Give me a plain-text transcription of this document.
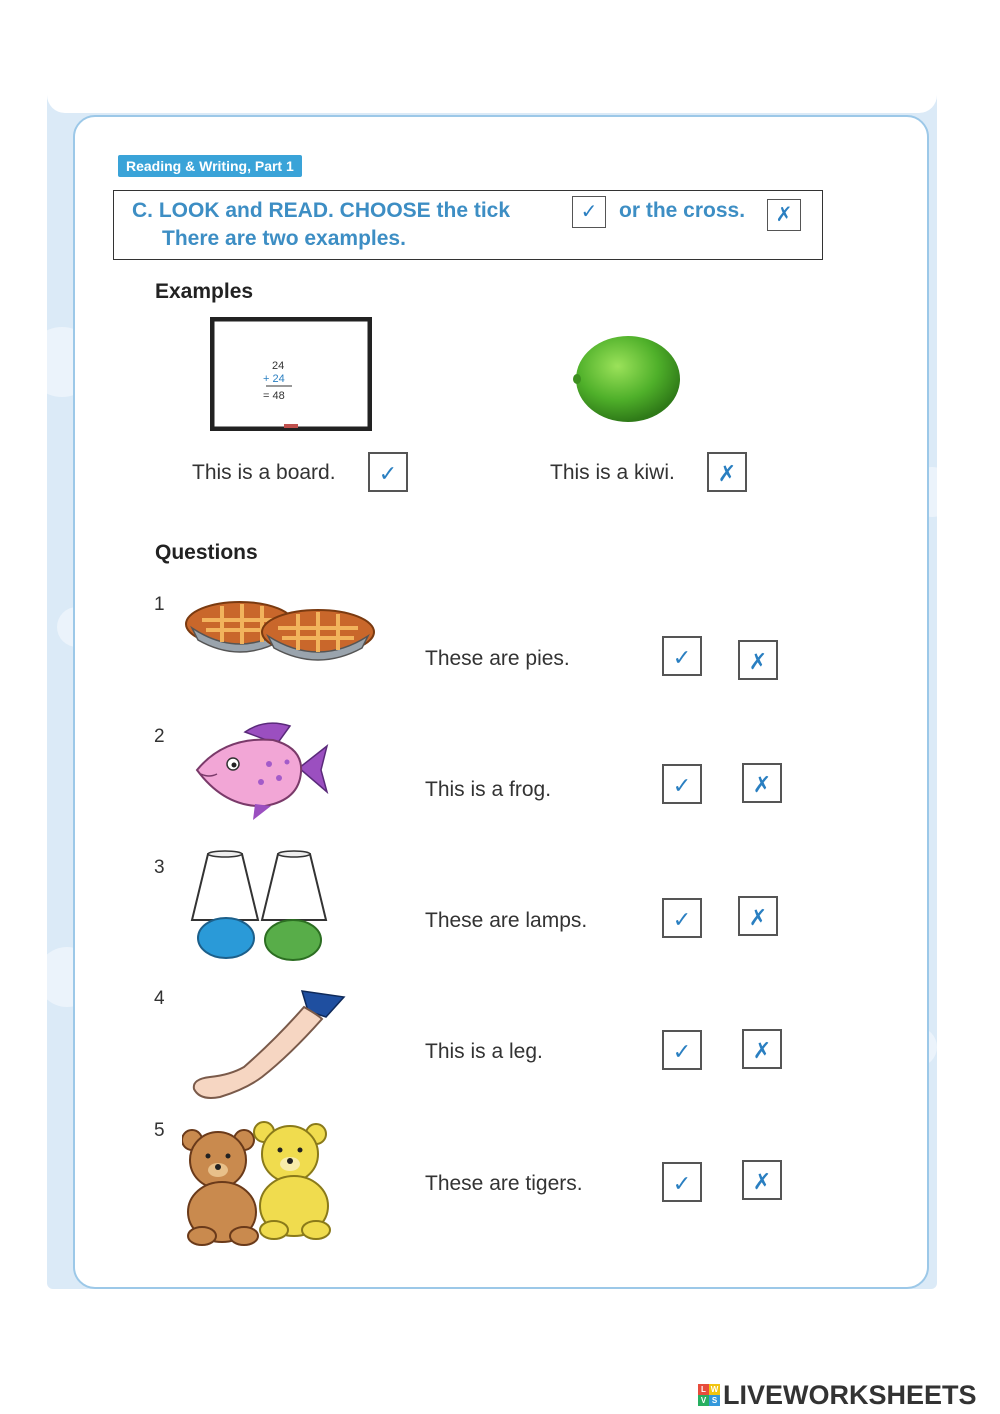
Reading & Writing, Part 1
C. LOOK and READ. CHOOSE the tick	✓	or the cross.	✗
There are two examples.
Examples
24
+ 24
= 48
This is a board.	✓	This is a kiwi.	✗
Questions
1
These are pies.	✓	✗
2
This is a frog.	✓	✗
3
These are lamps.	✓	✗
4
This is a leg.	✓	✗
5
These are tigers.	✓	✗
L W
V S LIVEWORKSHEETS
